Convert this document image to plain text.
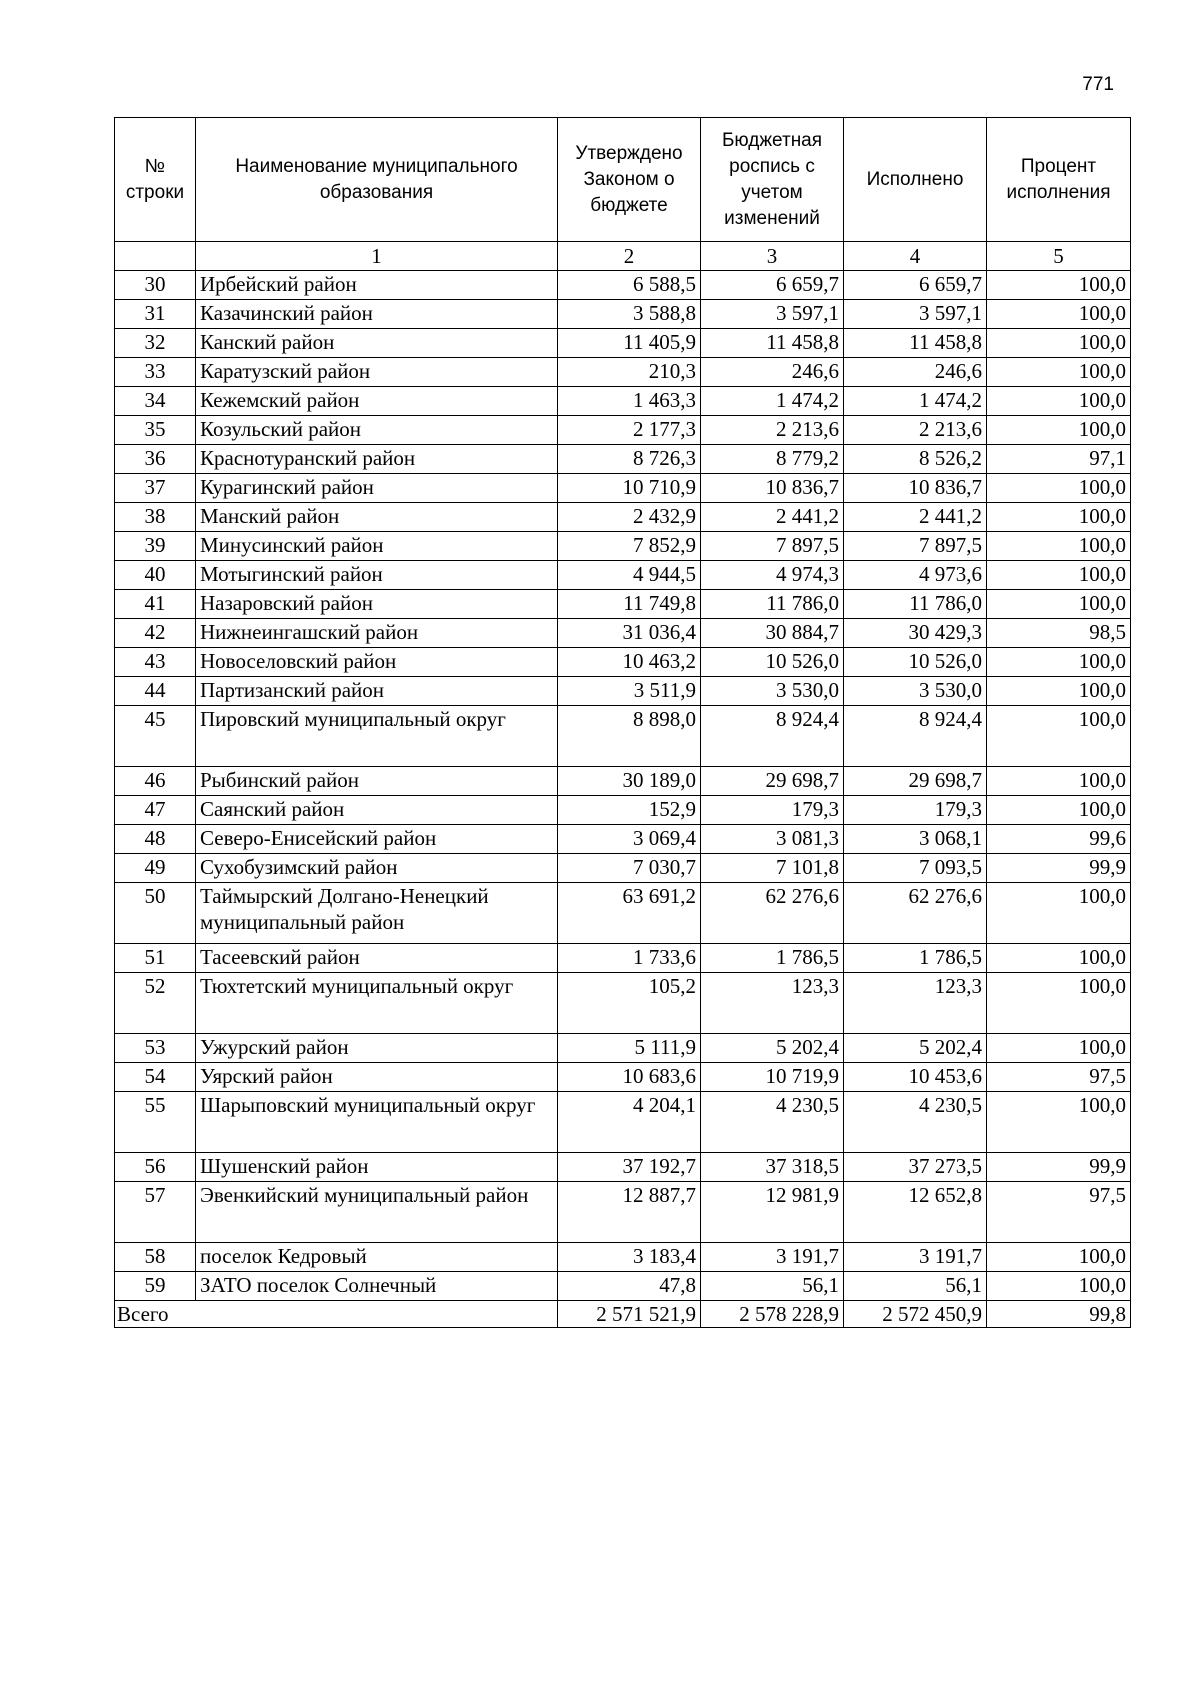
771
№ строки	Наименование муниципального образования	Утверждено Законом о бюджете	Бюджетная роспись с учетом изменений	Исполнено	Процент исполнения
	1	2	3	4	5
30	Ирбейский район	6 588,5	6 659,7	6 659,7	100,0
31	Казачинский район	3 588,8	3 597,1	3 597,1	100,0
32	Канский район	11 405,9	11 458,8	11 458,8	100,0
33	Каратузский район	210,3	246,6	246,6	100,0
34	Кежемский район	1 463,3	1 474,2	1 474,2	100,0
35	Козульский район	2 177,3	2 213,6	2 213,6	100,0
36	Краснотуранский район	8 726,3	8 779,2	8 526,2	97,1
37	Курагинский район	10 710,9	10 836,7	10 836,7	100,0
38	Манский район	2 432,9	2 441,2	2 441,2	100,0
39	Минусинский район	7 852,9	7 897,5	7 897,5	100,0
40	Мотыгинский район	4 944,5	4 974,3	4 973,6	100,0
41	Назаровский район	11 749,8	11 786,0	11 786,0	100,0
42	Нижнеингашский район	31 036,4	30 884,7	30 429,3	98,5
43	Новоселовский район	10 463,2	10 526,0	10 526,0	100,0
44	Партизанский район	3 511,9	3 530,0	3 530,0	100,0
45	Пировский муниципальный округ	8 898,0	8 924,4	8 924,4	100,0
46	Рыбинский район	30 189,0	29 698,7	29 698,7	100,0
47	Саянский район	152,9	179,3	179,3	100,0
48	Северо-Енисейский район	3 069,4	3 081,3	3 068,1	99,6
49	Сухобузимский район	7 030,7	7 101,8	7 093,5	99,9
50	Таймырский Долгано-Ненецкий муниципальный район	63 691,2	62 276,6	62 276,6	100,0
51	Тасеевский район	1 733,6	1 786,5	1 786,5	100,0
52	Тюхтетский муниципальный округ	105,2	123,3	123,3	100,0
53	Ужурский район	5 111,9	5 202,4	5 202,4	100,0
54	Уярский район	10 683,6	10 719,9	10 453,6	97,5
55	Шарыповский муниципальный округ	4 204,1	4 230,5	4 230,5	100,0
56	Шушенский район	37 192,7	37 318,5	37 273,5	99,9
57	Эвенкийский муниципальный район	12 887,7	12 981,9	12 652,8	97,5
58	поселок Кедровый	3 183,4	3 191,7	3 191,7	100,0
59	ЗАТО поселок Солнечный	47,8	56,1	56,1	100,0
Всего		2 571 521,9	2 578 228,9	2 572 450,9	99,8
